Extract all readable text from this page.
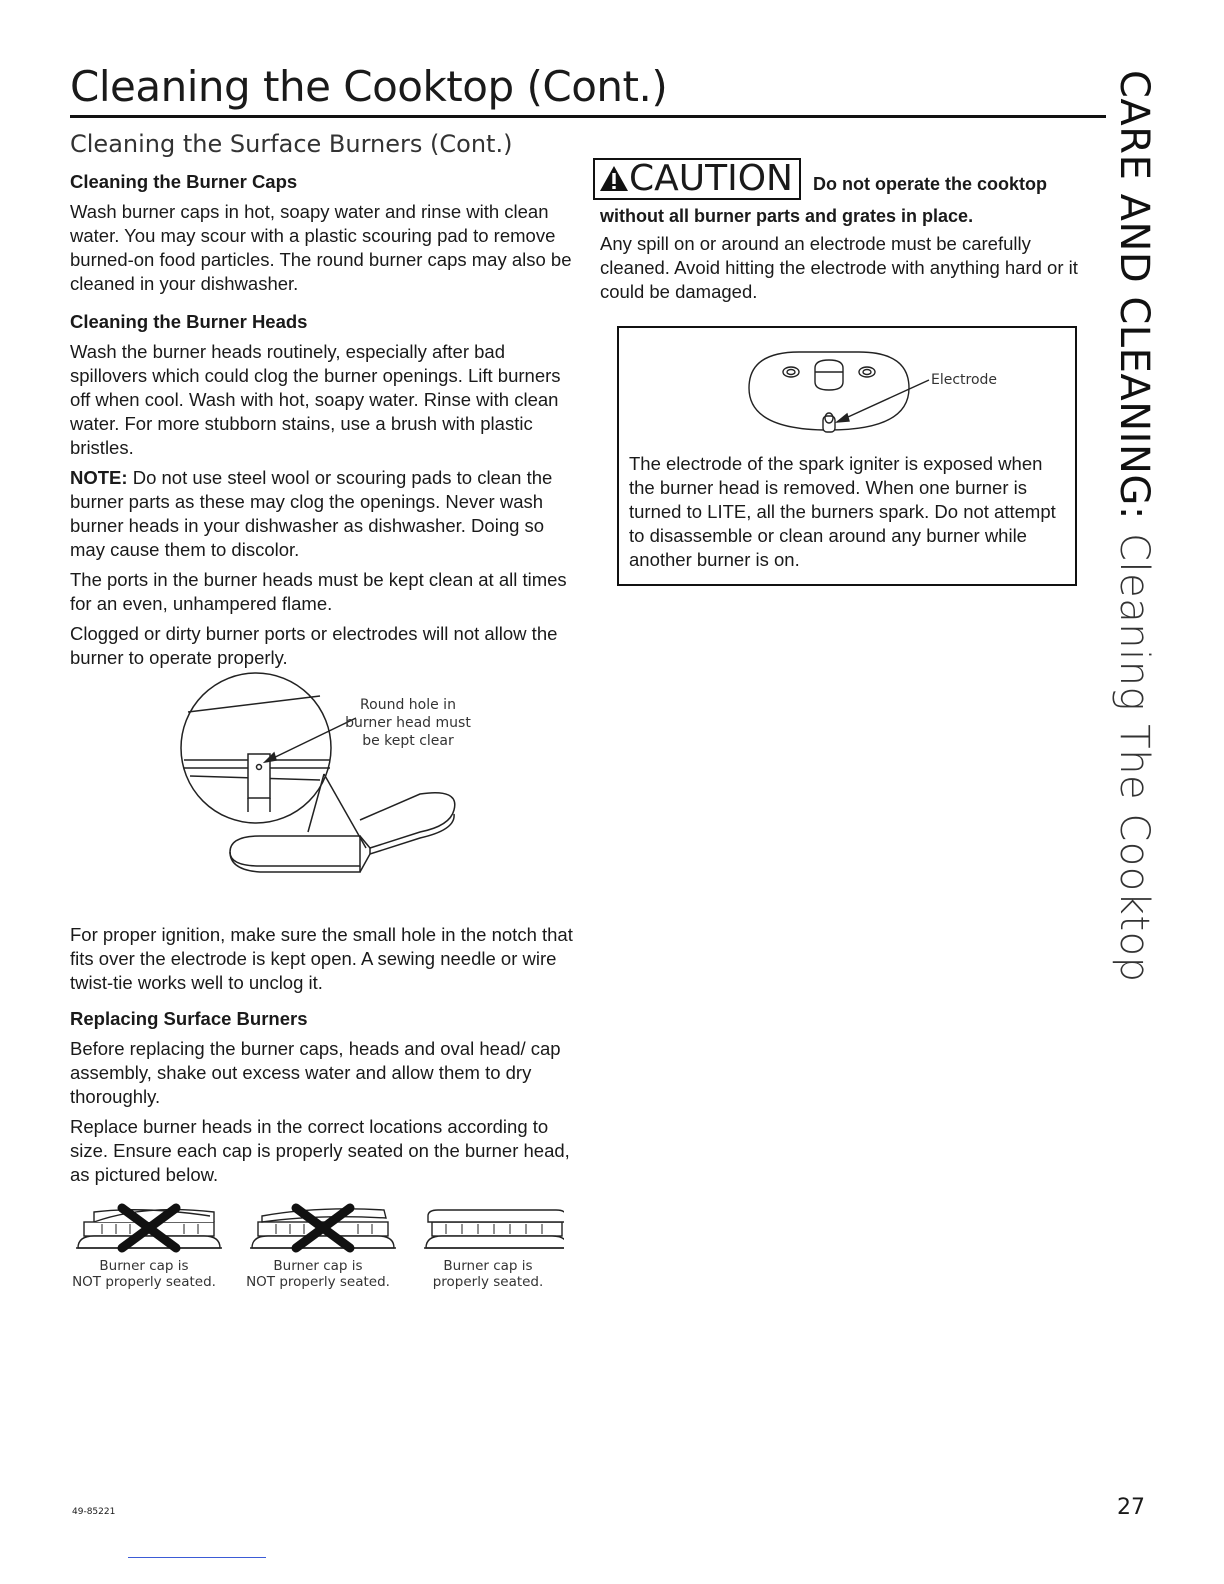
Cleaning the Cooktop (Cont.)
Cleaning the Surface Burners (Cont.)
Cleaning the Burner Caps

Wash burner caps in hot, soapy water and rinse with clean water. You may scour with a plastic scouring pad to remove burned-on food particles. The round burner caps may also be cleaned in your dishwasher.

Cleaning the Burner Heads

Wash the burner heads routinely, especially after bad spillovers which could clog the burner openings. Lift burners off when cool. Wash with hot, soapy water. Rinse with clean water. For more stubborn stains, use a brush with plastic bristles.

NOTE: Do not use steel wool or scouring pads to clean the burner parts as these may clog the openings. Never wash burner heads in your dishwasher as dishwasher. Doing so may cause them to discolor.

The ports in the burner heads must be kept clean at all times for an even, unhampered flame.

Clogged or dirty burner ports or electrodes will not allow the burner to operate properly.

Round hole in
burner head must
be kept clear

For proper ignition, make sure the small hole in the notch that fits over the electrode is kept open. A sewing needle or wire twist-tie works well to unclog it.

Replacing Surface Burners

Before replacing the burner caps, heads and oval head/ cap assembly, shake out excess water and allow them to dry thoroughly.

Replace burner heads in the correct locations according to size. Ensure each cap is properly seated on the burner head, as pictured below.

Burner cap is
NOT properly seated.
Burner cap is
NOT properly seated.
Burner cap is
properly seated.
CAUTION Do not operate the cooktop

without all burner parts and grates in place.

Any spill on or around an electrode must be carefully cleaned. Avoid hitting the electrode with anything hard or it could be damaged.

Electrode

The electrode of the spark igniter is exposed when the burner head is removed. When one burner is turned to LITE, all the burners spark. Do not attempt to disassemble or clean around any burner while another burner is on.

CARE AND CLEANING: Cleaning The Cooktop
49-85221	27
